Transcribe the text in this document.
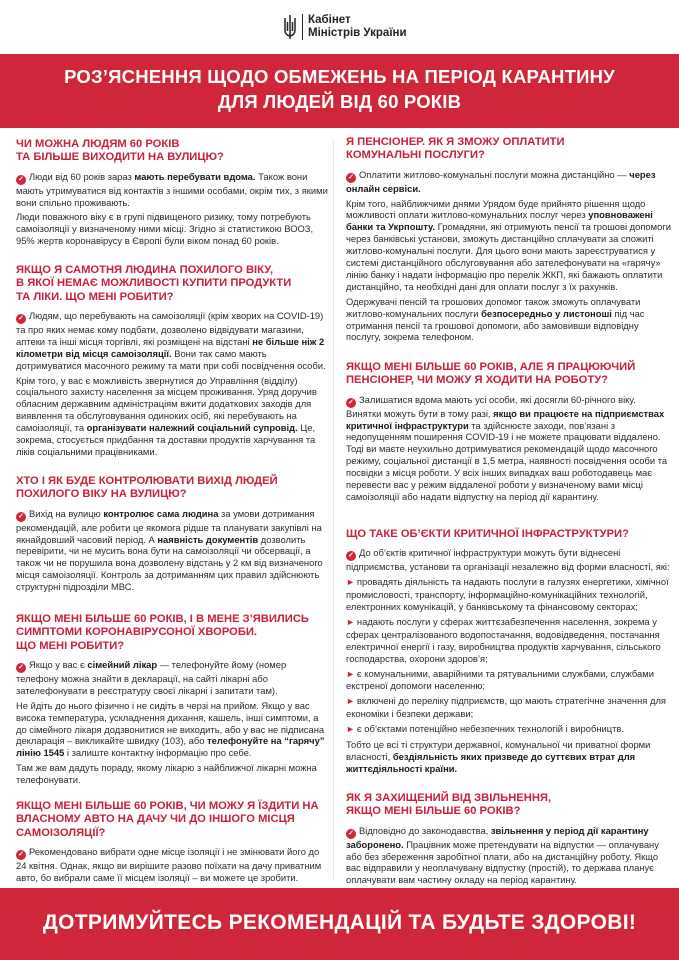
Кабінет
Міністрів України
РОЗ’ЯСНЕННЯ ЩОДО ОБМЕЖЕНЬ НА ПЕРІОД КАРАНТИНУ
ДЛЯ ЛЮДЕЙ ВІД 60 РОКІВ
ЧИ МОЖНА ЛЮДЯМ 60 РОКІВ
ТА БІЛЬШЕ ВИХОДИТИ НА ВУЛИЦЮ?

✓ Люди від 60 років зараз мають перебувати вдома. Також вони мають утримуватися від контактів з іншими особами, окрім тих, з якими вони спільно проживають.

Люди поважного віку є в групі підвищеного ризику, тому потребують самоізоляції у визначеному ними місці. Згідно зі статистикою ВООЗ, 95% жертв коронавірусу в Європі були віком понад 60 років.

ЯКЩО Я САМОТНЯ ЛЮДИНА ПОХИЛОГО ВІКУ,
В ЯКОЇ НЕМАЄ МОЖЛИВОСТІ КУПИТИ ПРОДУКТИ
ТА ЛІКИ. ЩО МЕНІ РОБИТИ?

✓ Людям, що перебувають на самоізоляції (крім хворих на COVID-19) та про яких немає кому подбати, дозволено відвідувати магазини, аптеки та інші місця торгівлі, які розміщені на відстані не більше ніж 2 кілометри від місця самоізоляції. Вони так само мають дотримуватися масочного режиму та мати при собі посвідчення особи.

Крім того, у вас є можливість звернутися до Управління (відділу) соціального захисту населення за місцем проживання. Уряд доручив обласним державним адміністраціям вжити додаткових заходів для виявлення та обслуговування одиноких осіб, які перебувають на самоізоляції, та організувати належний соціальний супровід. Це, зокрема, стосується придбання та доставки продуктів харчування та ліків соціальними працівниками.

ХТО І ЯК БУДЕ КОНТРОЛЮВАТИ ВИХІД ЛЮДЕЙ
ПОХИЛОГО ВІКУ НА ВУЛИЦЮ?

✓ Вихід на вулицю контролює сама людина за умови дотримання рекомендацій, але робити це якомога рідше та планувати закупівлі на якнайдовший часовий період. А наявність документів дозволить перевірити, чи не мусить вона бути на самоізоляції чи обсервації, а також чи не порушила вона дозволену відстань у 2 км від визначеного місця самоізоляції. Контроль за дотриманням цих правил здійснюють структурні підрозділи МВС.

ЯКЩО МЕНІ БІЛЬШЕ 60 РОКІВ, І В МЕНЕ З’ЯВИЛИСЬ
СИМПТОМИ КОРОНАВІРУСОНОЇ ХВОРОБИ.
ЩО МЕНІ РОБИТИ?

✓ Якщо у вас є сімейний лікар — телефонуйте йому (номер телефону можна знайти в декларації, на сайті лікарні або зателефонувати в реєстратуру своєї лікарні і запитати там).

Не йдіть до нього фізично і не сидіть в черзі на прийом. Якщо у вас висока температура, ускладнення дихання, кашель, інші симптоми, а до сімейного лікаря додзвонитися не виходить, або у вас не підписана декларація – викликайте швидку (103), або телефонуйте на “гарячу” лінію 1545 і залиште контактну інформацію про себе.

Там же вам дадуть пораду, якому лікарю з найближчої лікарні можна телефонувати.

ЯКЩО МЕНІ БІЛЬШЕ 60 РОКІВ, ЧИ МОЖУ Я ЇЗДИТИ НА
ВЛАСНОМУ АВТО НА ДАЧУ ЧИ ДО ІНШОГО МІСЦЯ
САМОІЗОЛЯЦІЇ?

✓ Рекомендовано вибрати одне місце ізоляції і не змінювати його до 24 квітня. Однак, якщо ви вирішите разово поїхати на дачу приватним авто, бо вибрали саме її місцем ізоляції – ви можете це зробити.

Я ПЕНСІОНЕР. ЯК Я ЗМОЖУ ОПЛАТИТИ
КОМУНАЛЬНІ ПОСЛУГИ?

✓ Оплатити житлово-комунальні послуги можна дистанційно — через онлайн сервіси.

Крім того, найближчими днями Урядом буде прийнято рішення щодо можливості оплати житлово-комунальних послуг через уповноважені банки та Укрпошту. Громадяни, які отримують пенсії та грошові допомоги через банківські установи, зможуть дистанційно сплачувати за спожиті житлово-комунальні послуги. Для цього вони мають зареєструватися у системі дистанційного обслуговування або зателефонувати на «гарячу» лінію банку і надати інформацію про перелік ЖКП, які бажають оплатити дистанційно, та необхідні дані для оплати послуг з їх рахунків.

Одержувачі пенсій та грошових допомог також зможуть оплачувати житлово-комунальних послуги безпосередньо у листоноші під час отримання пенсії та грошової допомоги, або замовивши відповідну послугу, зокрема телефоном.

ЯКЩО МЕНІ БІЛЬШЕ 60 РОКІВ, АЛЕ Я ПРАЦЮЮЧИЙ
ПЕНСІОНЕР, ЧИ МОЖУ Я ХОДИТИ НА РОБОТУ?

✓ Залишатися вдома мають усі особи, які досягли 60-річного віку. Винятки можуть бути в тому разі, якщо ви працюєте на підприємствах критичної інфраструктури та здійснюєте заходи, пов’язані з недопущенням поширення COVID-19 і не можете працювати віддалено. Тоді ви маєте неухильно дотримуватися рекомендацій щодо масочного режиму, соціальної дистанції в 1,5 метра, наявності посвідчення особи та посвідки з місця роботи. У всіх інших випадках ваш роботодавець має перевести вас у режим віддаленої роботи у визначеному вами місці самоізоляції або надати відпустку на період дії карантину.

ЩО ТАКЕ ОБ’ЄКТИ КРИТИЧНОЇ ІНФРАСТРУКТУРИ?

✓ До об’єктів критичної інфраструктури можуть бути віднесені підприємства, установи та організації незалежно від форми власності, які:

► провадять діяльність та надають послуги в галузях енергетики, хімічної промисловості, транспорту, інформаційно-комунікаційних технологій, електронних комунікацій, у банківському та фінансовому секторах;

► надають послуги у сферах життєзабезпечення населення, зокрема у сферах централізованого водопостачання, водовідведення, постачання електричної енергії і газу, виробництва продуктів харчування, сільського господарства, охорони здоров’я;

► є комунальними, аварійними та рятувальними службами, службами екстреної допомоги населенню;

► включені до переліку підприємств, що мають стратегічне значення для економіки і безпеки держави;

► є об’єктами потенційно небезпечних технологій і виробництв.

Тобто це всі ті структури державної, комунальної чи приватної форми власності, бездіяльність яких призведе до суттєвих втрат для життєдіяльності країни.

ЯК Я ЗАХИЩЕНИЙ ВІД ЗВІЛЬНЕННЯ,
ЯКЩО МЕНІ БІЛЬШЕ 60 РОКІВ?

✓ Відповідно до законодавства, звільнення у період дії карантину заборонено. Працівник може претендувати на відпустки — оплачувану або без збереження заробітної плати, або на дистанційну роботу. Якщо вас відправили у неоплачувану відпустку (простій), то держава планує оплачувати вам частину окладу на період карантину.

ДОТРИМУЙТЕСЬ РЕКОМЕНДАЦІЙ ТА БУДЬТЕ ЗДОРОВІ!
